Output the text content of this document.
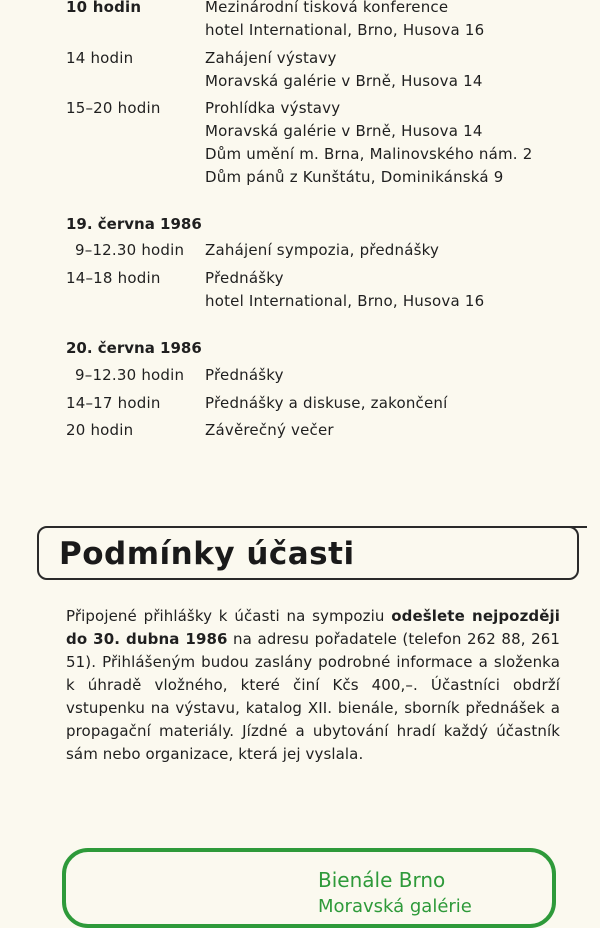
10 hodin	Mezinárodní tisková konference
hotel International, Brno, Husova 16
14 hodin	Zahájení výstavy
Moravská galérie v Brně, Husova 14
15–20 hodin	Prohlídka výstavy
Moravská galérie v Brně, Husova 14
Dům umění m. Brna, Malinovského nám. 2
Dům pánů z Kunštátu, Dominikánská 9
19. června 1986
9–12.30 hodin Zahájení sympozia, přednášky
14–18 hodin	Přednášky
hotel International, Brno, Husova 16
20. června 1986
9–12.30 hodin Přednášky
14–17 hodin	Přednášky a diskuse, zakončení
20 hodin	Závěrečný večer
Podmínky účasti
Připojené přihlášky k účasti na sympoziu odešlete nejpozději do 30. dubna 1986 na adresu pořadatele (telefon 262 88, 261 51). Přihlášeným budou zaslány podrobné informace a složenka k úhradě vložného, které činí Kčs 400,–. Účastníci obdrží vstupenku na výstavu, katalog XII. bienále, sborník přednášek a propagační materiály. Jízdné a ubytování hradí každý účastník sám nebo organizace, která jej vyslala.
Bienále Brno
Moravská galérie
